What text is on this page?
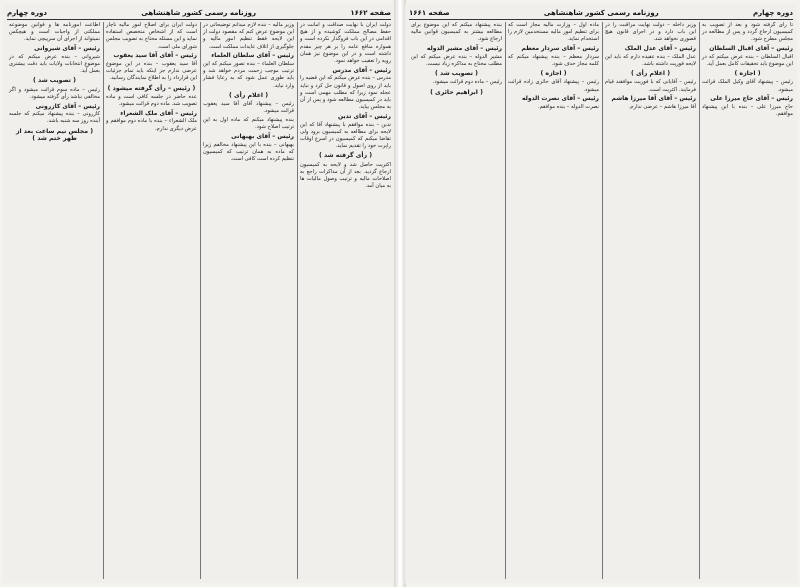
صفحه ۱۶۶۲
روزنامه رسمی کشور شاهنشاهی
دوره چهارم

دولت ایران با نهایت صداقت و امانت در حفظ مصالح مملکت کوشیده و از هیچ اقدامی در این باب فروگذار نکرده است و همواره منافع عامه را بر هر چیز مقدم داشته است و در این موضوع نیز همان رویه را تعقیب خواهد نمود.

رئیس – آقای مدرس

مدرس – بنده عرض میکنم که این قضیه را باید از روی اصول و قانون حل کرد و نباید عجله نمود زیرا که مطلب مهمی است و باید در کمیسیون مطالعه شود و پس از آن به مجلس بیاید.

رئیس – آقای تدین

تدین – بنده موافقم با پیشنهاد آقا که این لایحه برای مطالعه به کمیسیون برود ولی تقاضا میکنم که کمیسیون در اسرع اوقات راپرت خود را تقدیم نماید.

( رأی گرفته شد )

اکثریت حاصل شد و لایحه به کمیسیون ارجاع گردید. بعد از آن مذاکرات راجع به اصلاحات مالیه و ترتیب وصول مالیات ها به میان آمد.

وزیر مالیه – بنده لازم میدانم توضیحاتی در این موضوع عرض کنم که مقصود دولت از این لایحه فقط تنظیم امور مالیه و جلوگیری از اتلاف عایدات مملکت است.

رئیس – آقای سلطان العلماء

سلطان العلماء – بنده تصور میکنم که این ترتیب موجب زحمت مردم خواهد شد و باید طوری عمل شود که به رعایا فشار وارد نیاید.

( اعلام رأی )

رئیس – پیشنهاد آقای آقا سید یعقوب قرائت میشود.

بنده پیشنهاد میکنم که ماده اول به این ترتیب اصلاح شود.

رئیس – آقای بهبهانی

بهبهانی – بنده با این پیشنهاد مخالفم زیرا که ماده به همان ترتیب که کمیسیون تنظیم کرده است کافی است.

دولت ایران برای اصلاح امور مالیه ناچار است که از اشخاص متخصص استفاده نماید و این مسئله محتاج به تصویب مجلس شورای ملی است.

رئیس – آقای آقا سید یعقوب

آقا سید یعقوب – بنده در این موضوع عرضی ندارم جز اینکه باید تمام جزئیات این قرارداد را به اطلاع نمایندگان رسانید.

( رئیس – رأی گرفته میشود )

عده حاضر در جلسه کافی است و ماده تصویب شد. ماده دوم قرائت میشود.

رئیس – آقای ملک الشعراء

ملک الشعراء – بنده با ماده دوم موافقم و عرض دیگری ندارم.

اطاعت امورنامه ها و قوانین موضوعه مملکتی از واجبات است و هیچکس نمیتواند از اجرای آن سرپیچی نماید.

رئیس – آقای شیروانی

شیروانی – بنده عرض میکنم که در موضوع انتخابات ولایات باید دقت بیشتری بعمل آید.

( تصویب شد )

رئیس – ماده سوم قرائت میشود و اگر مخالفی نباشد رأی گرفته میشود.

رئیس – آقای کازرونی

کازرونی – بنده پیشنهاد میکنم که جلسه آینده روز سه شنبه باشد.

( مجلس نیم ساعت بعد از ظهر ختم شد )
دوره چهارم
روزنامه رسمی کشور شاهنشاهی
صفحه ۱۶۶۱

تا رأی گرفته شود و بعد از تصویب به کمیسیون ارجاع گردد و پس از مطالعه در مجلس مطرح شود.

رئیس – آقای اقبال السلطان

اقبال السلطان – بنده عرض میکنم که در این موضوع باید تحقیقات کامل بعمل آید.

( اجازه )

رئیس – پیشنهاد آقای وکیل الملک قرائت میشود.

رئیس – آقای حاج میرزا علی

حاج میرزا علی – بنده با این پیشنهاد موافقم.

وزیر داخله – دولت نهایت مراقبت را در این باب دارد و در اجرای قانون هیچ قصوری نخواهد شد.

رئیس – آقای عدل الملک

عدل الملک – بنده عقیده دارم که باید این لایحه فوریت داشته باشد.

( اعلام رأی )

رئیس – آقایانی که با فوریت موافقند قیام فرمایند. اکثریت است.

رئیس – آقای آقا میرزا هاشم

آقا میرزا هاشم – عرضی ندارم.

ماده اول – وزارت مالیه مجاز است که برای تنظیم امور مالیه مستخدمین لازم را استخدام نماید.

رئیس – آقای سردار معظم

سردار معظم – بنده پیشنهاد میکنم که کلمه مجاز حذف شود.

( اجازه )

رئیس – پیشنهاد آقای حائری زاده قرائت میشود.

رئیس – آقای نصرت الدوله

نصرت الدوله – بنده موافقم.

بنده پیشنهاد میکنم که این موضوع برای مطالعه بیشتر به کمیسیون قوانین مالیه ارجاع شود.

رئیس – آقای مشیر الدوله

مشیر الدوله – بنده عرض میکنم که این مطلب محتاج به مذاکره زیاد نیست.

( تصویب شد )

رئیس – ماده دوم قرائت میشود.

( ابراهیم حائری )
